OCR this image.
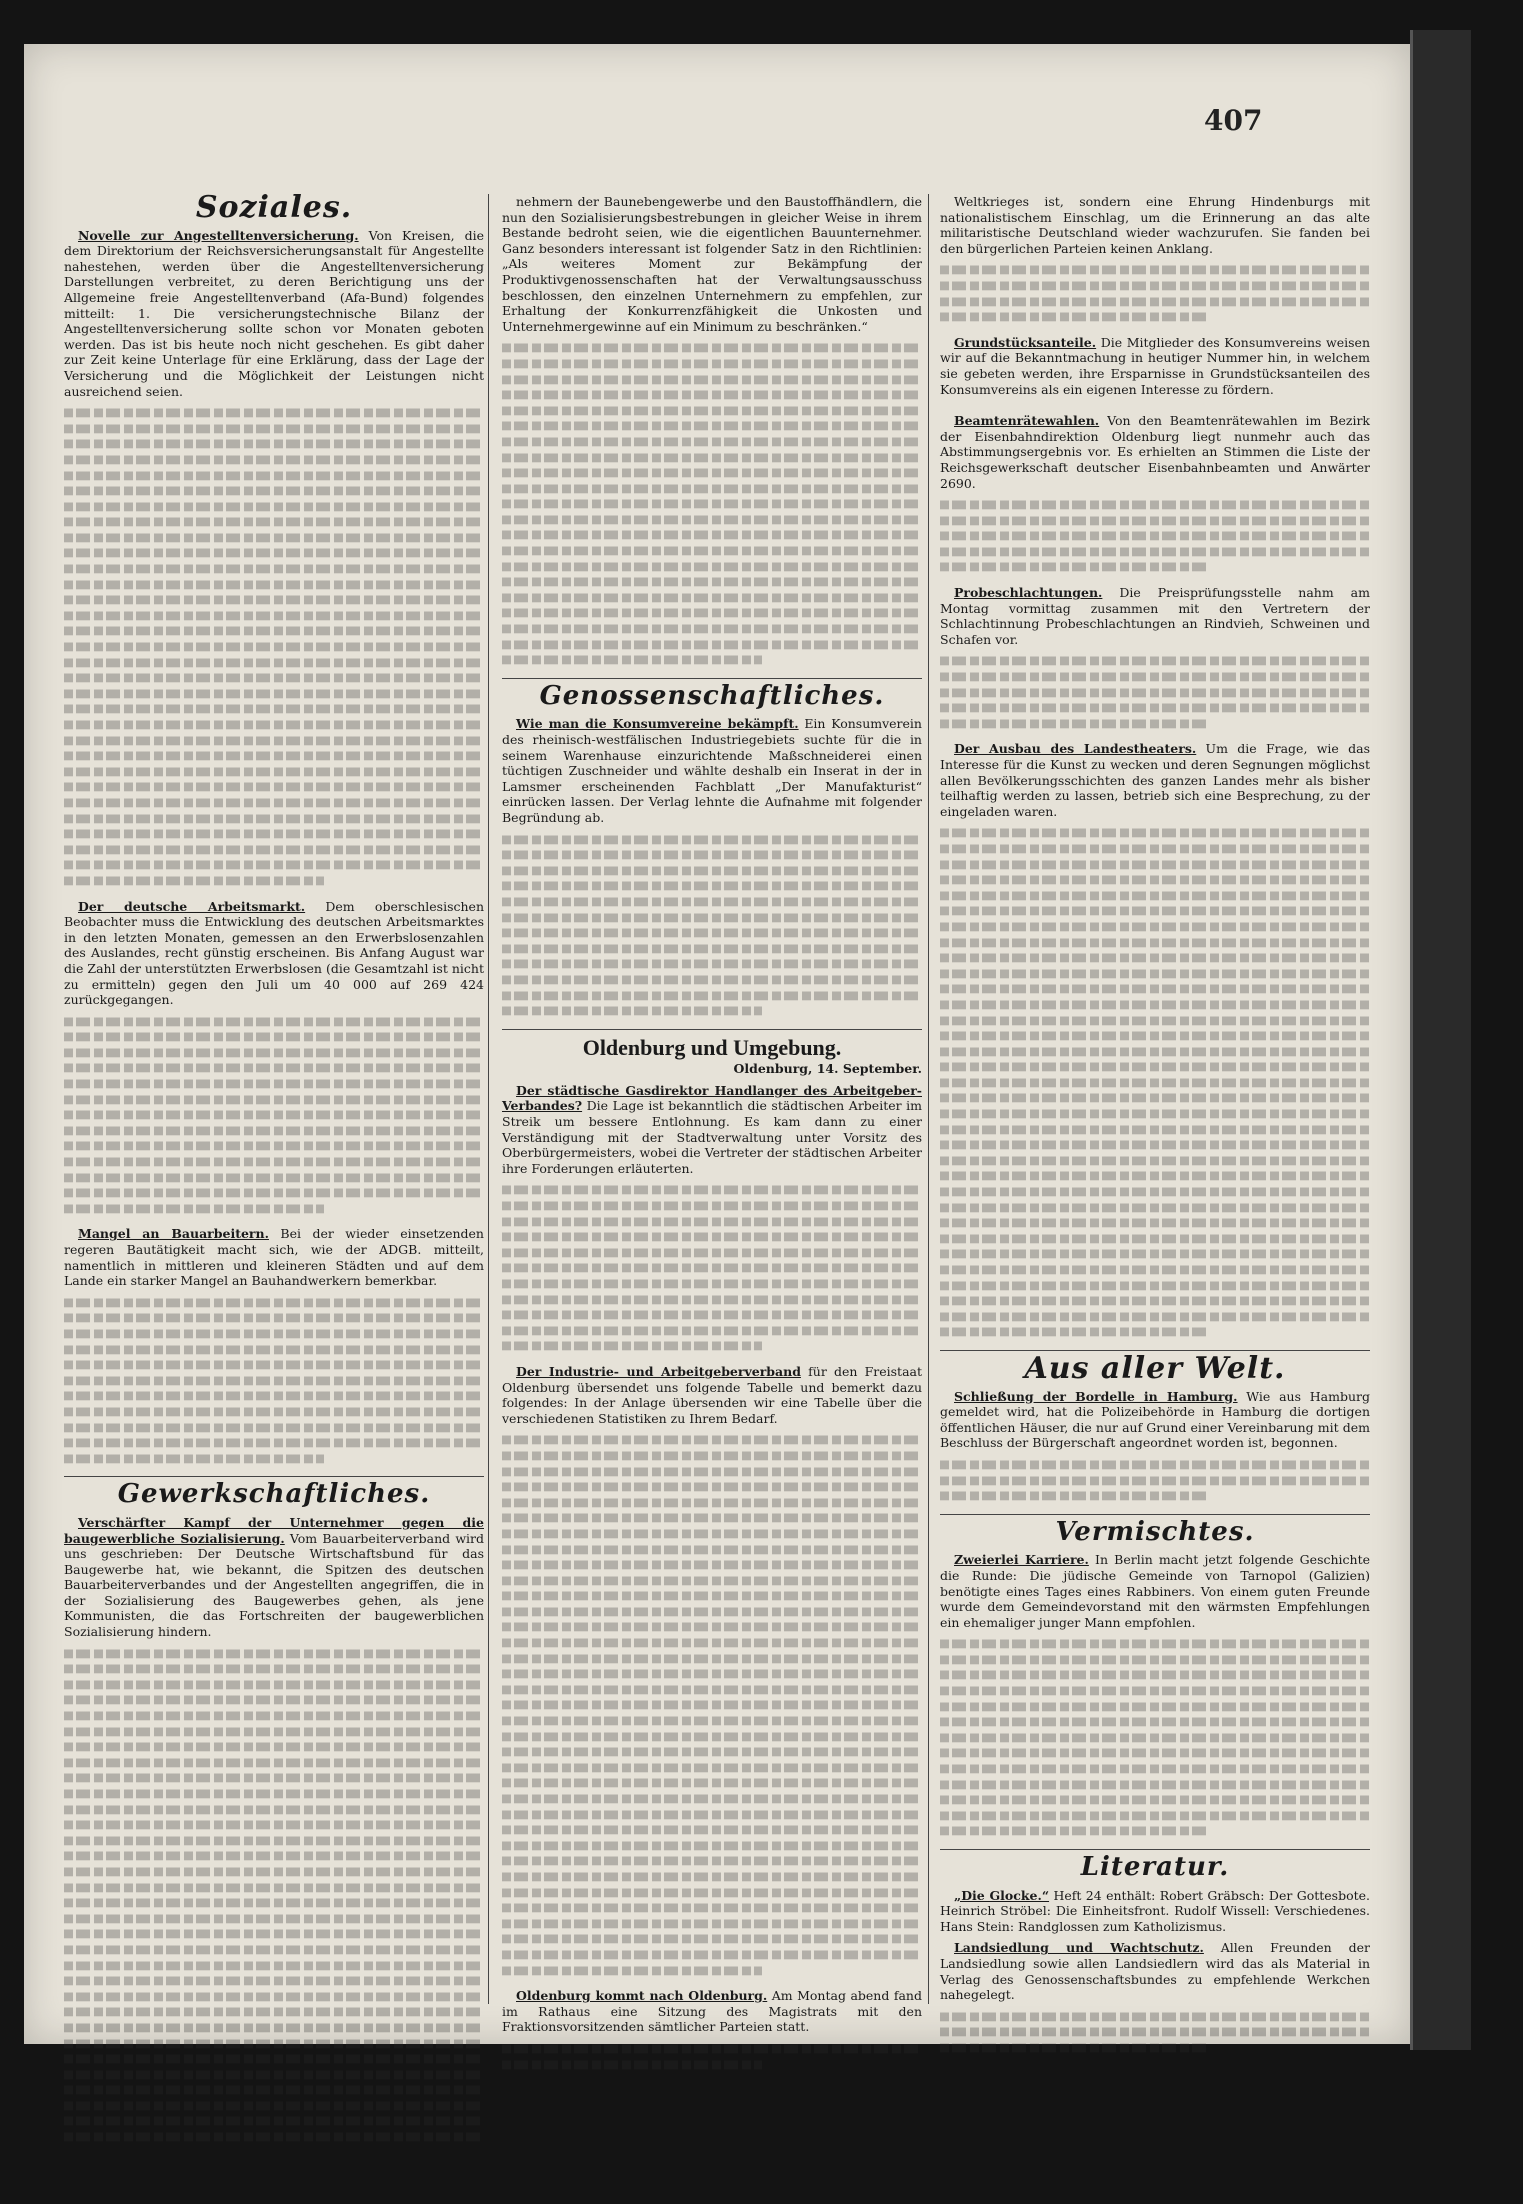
407
Soziales.

Novelle zur Angestelltenversicherung. Von Kreisen, die dem Direktorium der Reichsversicherungsanstalt für Angestellte nahestehen, werden über die Angestelltenversicherung Darstellungen verbreitet, zu deren Berichtigung uns der Allgemeine freie Angestelltenverband (Afa-Bund) folgendes mitteilt: 1. Die versicherungstechnische Bilanz der Angestelltenversicherung sollte schon vor Monaten geboten werden. Das ist bis heute noch nicht geschehen. Es gibt daher zur Zeit keine Unterlage für eine Erklärung, dass der Lage der Versicherung und die Möglichkeit der Leistungen nicht ausreichend seien.

Der deutsche Arbeitsmarkt. Dem oberschlesischen Beobachter muss die Entwicklung des deutschen Arbeitsmarktes in den letzten Monaten, gemessen an den Erwerbslosenzahlen des Auslandes, recht günstig erscheinen. Bis Anfang August war die Zahl der unterstützten Erwerbslosen (die Gesamtzahl ist nicht zu ermitteln) gegen den Juli um 40 000 auf 269 424 zurückgegangen.

Mangel an Bauarbeitern. Bei der wieder einsetzenden regeren Bautätigkeit macht sich, wie der ADGB. mitteilt, namentlich in mittleren und kleineren Städten und auf dem Lande ein starker Mangel an Bauhandwerkern bemerkbar.

Gewerkschaftliches.

Verschärfter Kampf der Unternehmer gegen die baugewerbliche Sozialisierung. Vom Bauarbeiterverband wird uns geschrieben: Der Deutsche Wirtschaftsbund für das Baugewerbe hat, wie bekannt, die Spitzen des deutschen Bauarbeiterverbandes und der Angestellten angegriffen, die in der Sozialisierung des Baugewerbes gehen, als jene Kommunisten, die das Fortschreiten der baugewerblichen Sozialisierung hindern.

nehmern der Baunebengewerbe und den Baustoffhändlern, die nun den Sozialisierungsbestrebungen in gleicher Weise in ihrem Bestande bedroht seien, wie die eigentlichen Bauunternehmer. Ganz besonders interessant ist folgender Satz in den Richtlinien: „Als weiteres Moment zur Bekämpfung der Produktivgenossenschaften hat der Verwaltungsausschuss beschlossen, den einzelnen Unternehmern zu empfehlen, zur Erhaltung der Konkurrenzfähigkeit die Unkosten und Unternehmergewinne auf ein Minimum zu beschränken.“

Genossenschaftliches.

Wie man die Konsumvereine bekämpft. Ein Konsumverein des rheinisch-westfälischen Industriegebiets suchte für die in seinem Warenhause einzurichtende Maßschneiderei einen tüchtigen Zuschneider und wählte deshalb ein Inserat in der in Lamsmer erscheinenden Fachblatt „Der Manufakturist“ einrücken lassen. Der Verlag lehnte die Aufnahme mit folgender Begründung ab.

Oldenburg und Umgebung.
Oldenburg, 14. September.

Der städtische Gasdirektor Handlanger des Arbeitgeber-Verbandes? Die Lage ist bekanntlich die städtischen Arbeiter im Streik um bessere Entlohnung. Es kam dann zu einer Verständigung mit der Stadtverwaltung unter Vorsitz des Oberbürgermeisters, wobei die Vertreter der städtischen Arbeiter ihre Forderungen erläuterten.

Der Industrie- und Arbeitgeberverband für den Freistaat Oldenburg übersendet uns folgende Tabelle und bemerkt dazu folgendes: In der Anlage übersenden wir eine Tabelle über die verschiedenen Statistiken zu Ihrem Bedarf.

Oldenburg kommt nach Oldenburg. Am Montag abend fand im Rathaus eine Sitzung des Magistrats mit den Fraktionsvorsitzenden sämtlicher Parteien statt.

Weltkrieges ist, sondern eine Ehrung Hindenburgs mit nationalistischem Einschlag, um die Erinnerung an das alte militaristische Deutschland wieder wachzurufen. Sie fanden bei den bürgerlichen Parteien keinen Anklang.

Grundstücksanteile. Die Mitglieder des Konsumvereins weisen wir auf die Bekanntmachung in heutiger Nummer hin, in welchem sie gebeten werden, ihre Ersparnisse in Grundstücksanteilen des Konsumvereins als ein eigenen Interesse zu fördern.

Beamtenrätewahlen. Von den Beamtenrätewahlen im Bezirk der Eisenbahndirektion Oldenburg liegt nunmehr auch das Abstimmungsergebnis vor. Es erhielten an Stimmen die Liste der Reichsgewerkschaft deutscher Eisenbahnbeamten und Anwärter 2690.

Probeschlachtungen. Die Preisprüfungsstelle nahm am Montag vormittag zusammen mit den Vertretern der Schlachtinnung Probeschlachtungen an Rindvieh, Schweinen und Schafen vor.

Der Ausbau des Landestheaters. Um die Frage, wie das Interesse für die Kunst zu wecken und deren Segnungen möglichst allen Bevölkerungsschichten des ganzen Landes mehr als bisher teilhaftig werden zu lassen, betrieb sich eine Besprechung, zu der eingeladen waren.

Aus aller Welt.

Schließung der Bordelle in Hamburg. Wie aus Hamburg gemeldet wird, hat die Polizeibehörde in Hamburg die dortigen öffentlichen Häuser, die nur auf Grund einer Vereinbarung mit dem Beschluss der Bürgerschaft angeordnet worden ist, begonnen.

Vermischtes.

Zweierlei Karriere. In Berlin macht jetzt folgende Geschichte die Runde: Die jüdische Gemeinde von Tarnopol (Galizien) benötigte eines Tages eines Rabbiners. Von einem guten Freunde wurde dem Gemeindevorstand mit den wärmsten Empfehlungen ein ehemaliger junger Mann empfohlen.

Literatur.

„Die Glocke.“ Heft 24 enthält: Robert Gräbsch: Der Gottesbote. Heinrich Ströbel: Die Einheitsfront. Rudolf Wissell: Verschiedenes. Hans Stein: Randglossen zum Katholizismus.

Landsiedlung und Wachtschutz. Allen Freunden der Landsiedlung sowie allen Landsiedlern wird das als Material in Verlag des Genossenschaftsbundes zu empfehlende Werkchen nahegelegt.
